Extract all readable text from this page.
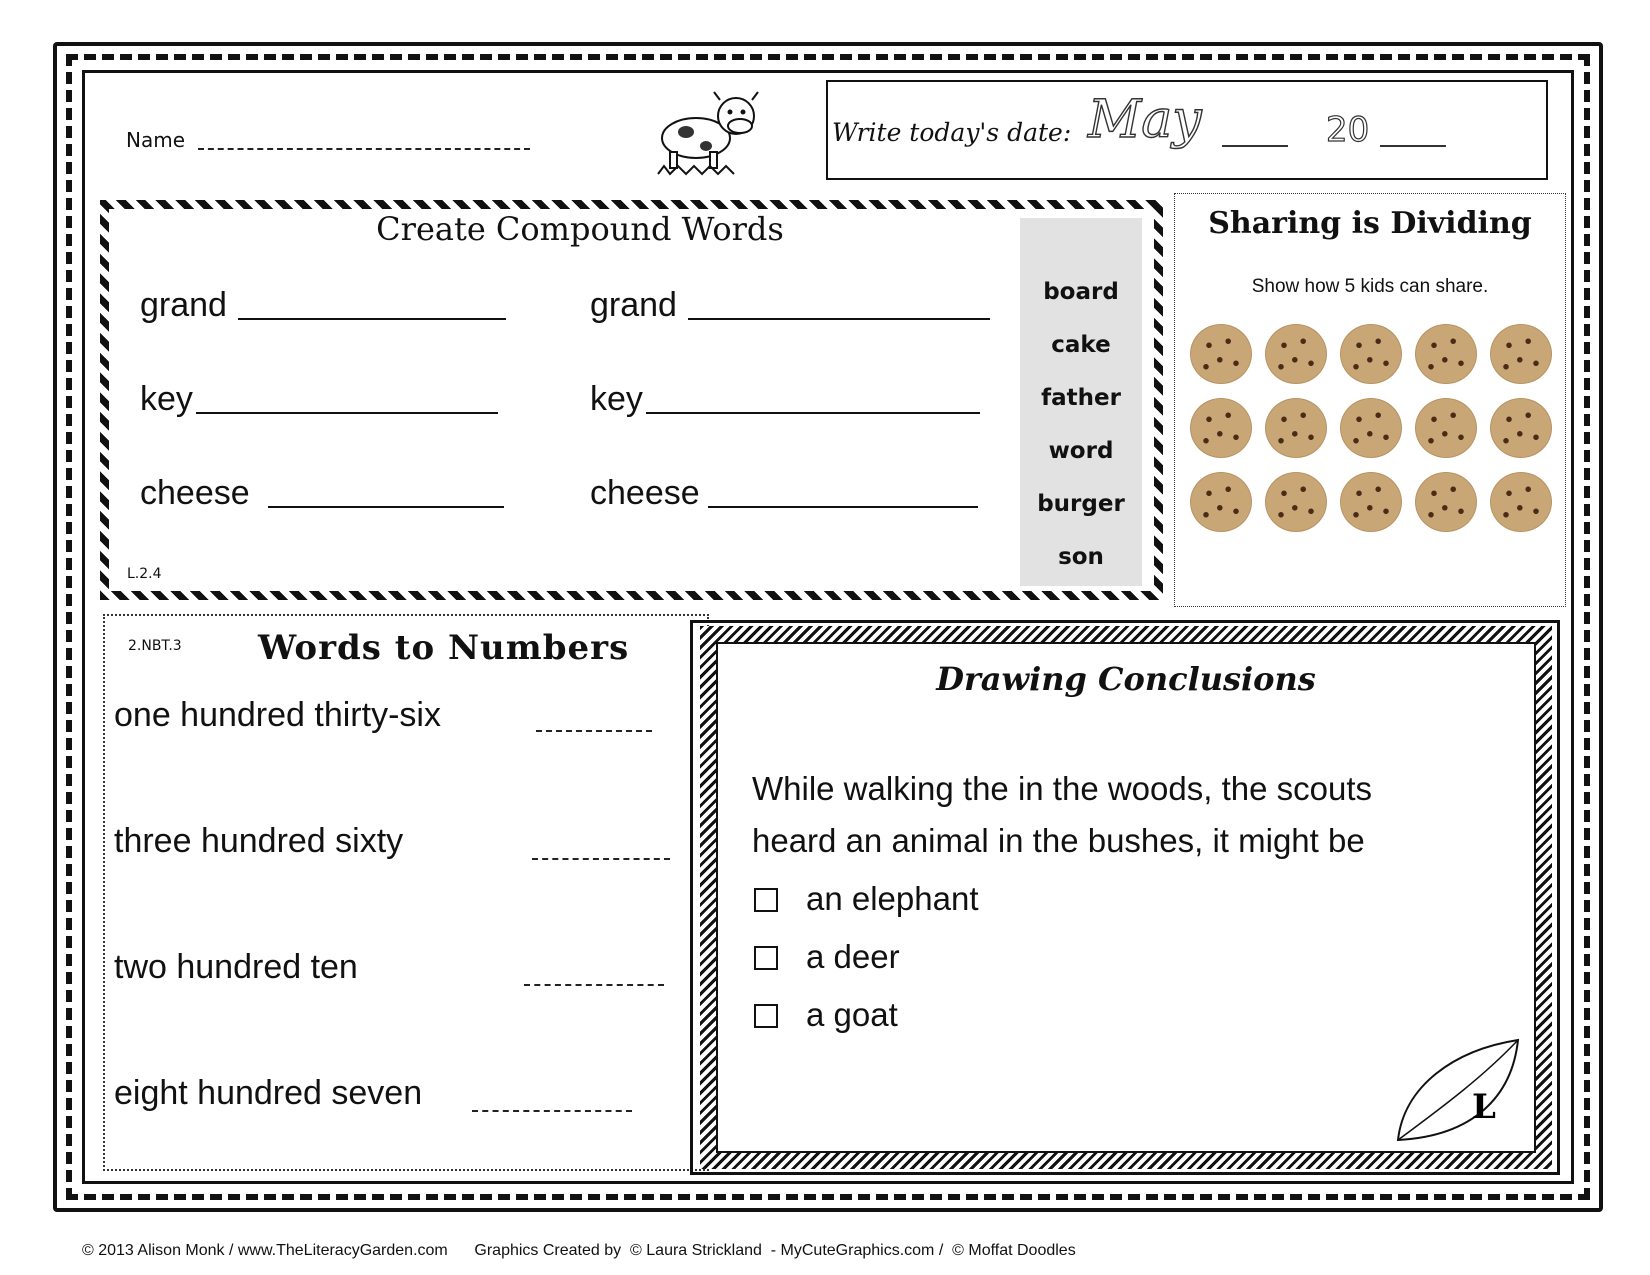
Name	Write today's date: May	20
Create Compound Words
grand
key
cheese
grand
key
cheese
board
cake
father
word
burger
son
L.2.4
Sharing is Dividing
Show how 5 kids can share.
2.NBT.3 Words to Numbers
one hundred thirty-six
three hundred sixty
two hundred ten
eight hundred seven
Drawing Conclusions
While walking the in the woods, the scouts
heard an animal in the bushes, it might be
an elephant
a deer
a goat
L
© 2013 Alison Monk / www.TheLiteracyGarden.com      Graphics Created by  © Laura Strickland  - MyCuteGraphics.com /  © Moffat Doodles
